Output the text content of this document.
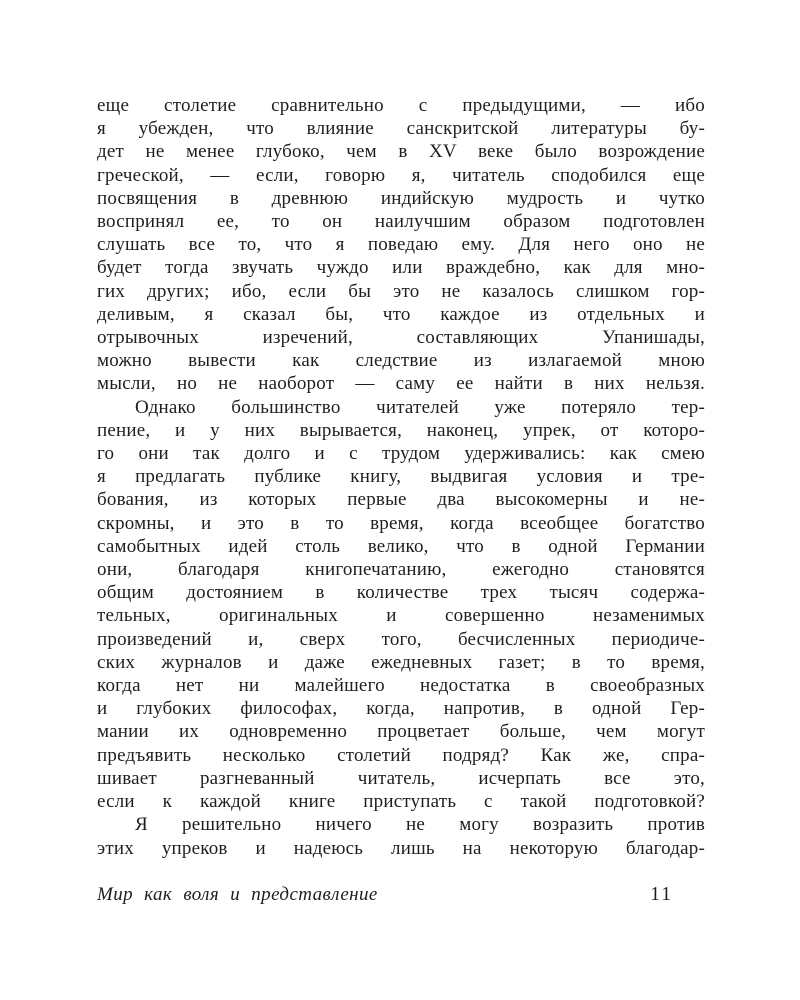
еще столетие сравнительно с предыдущими, — ибо
я убежден, что влияние санскритской литературы бу-
дет не менее глубоко, чем в XV веке было возрождение
греческой, — если, говорю я, читатель сподобился еще
посвящения в древнюю индийскую мудрость и чутко
воспринял ее, то он наилучшим образом подготовлен
слушать все то, что я поведаю ему. Для него оно не
будет тогда звучать чуждо или враждебно, как для мно-
гих других; ибо, если бы это не казалось слишком гор-
деливым, я сказал бы, что каждое из отдельных и
отрывочных изречений, составляющих Упанишады,
можно вывести как следствие из излагаемой мною
мысли, но не наоборот — саму ее найти в них нельзя.
Однако большинство читателей уже потеряло тер-
пение, и у них вырывается, наконец, упрек, от которо-
го они так долго и с трудом удерживались: как смею
я предлагать публике книгу, выдвигая условия и тре-
бования, из которых первые два высокомерны и не-
скромны, и это в то время, когда всеобщее богатство
самобытных идей столь велико, что в одной Германии
они, благодаря книгопечатанию, ежегодно становятся
общим достоянием в количестве трех тысяч содержа-
тельных, оригинальных и совершенно незаменимых
произведений и, сверх того, бесчисленных периодиче-
ских журналов и даже ежедневных газет; в то время,
когда нет ни малейшего недостатка в своеобразных
и глубоких философах, когда, напротив, в одной Гер-
мании их одновременно процветает больше, чем могут
предъявить несколько столетий подряд? Как же, спра-
шивает разгневанный читатель, исчерпать все это,
если к каждой книге приступать с такой подготовкой?
Я решительно ничего не могу возразить против
этих упреков и надеюсь лишь на некоторую благодар-
Мир как воля и представление	11
